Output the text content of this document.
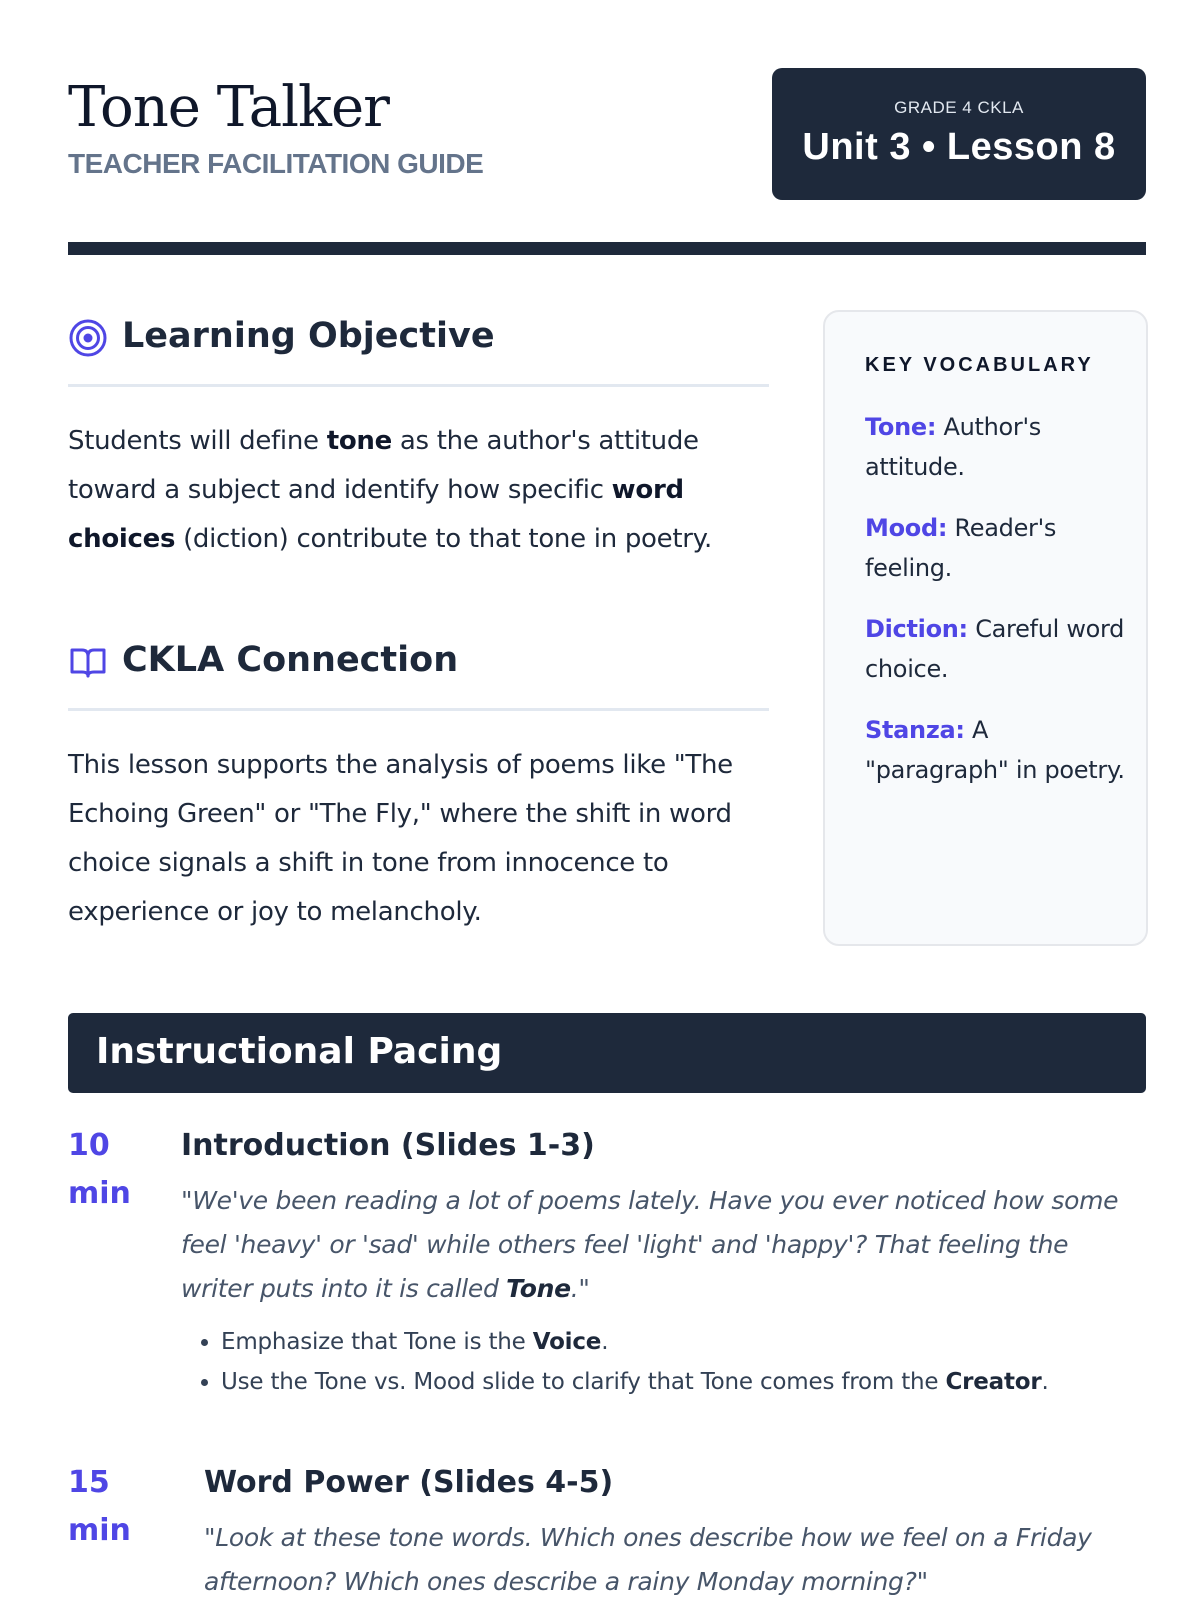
Tone Talker

TEACHER FACILITATION GUIDE

GRADE 4 CKLA
Unit 3 • Lesson 8
Learning Objective

Students will define tone as the author's attitude toward a subject and identify how specific word choices (diction) contribute to that tone in poetry.

CKLA Connection

This lesson supports the analysis of poems like "The Echoing Green" or "The Fly," where the shift in word choice signals a shift in tone from innocence to experience or joy to melancholy.

KEY VOCABULARY
Tone: Author's attitude.
Mood: Reader's feeling.
Diction: Careful word choice.
Stanza: A "paragraph" in poetry.
Instructional Pacing

10 min

Introduction (Slides 1-3)

"We've been reading a lot of poems lately. Have you ever noticed how some feel 'heavy' or 'sad' while others feel 'light' and 'happy'? That feeling the writer puts into it is called Tone."

• Emphasize that Tone is the Voice.
• Use the Tone vs. Mood slide to clarify that Tone comes from the Creator.

15 min

Word Power (Slides 4-5)

"Look at these tone words. Which ones describe how we feel on a Friday afternoon? Which ones describe a rainy Monday morning?"
